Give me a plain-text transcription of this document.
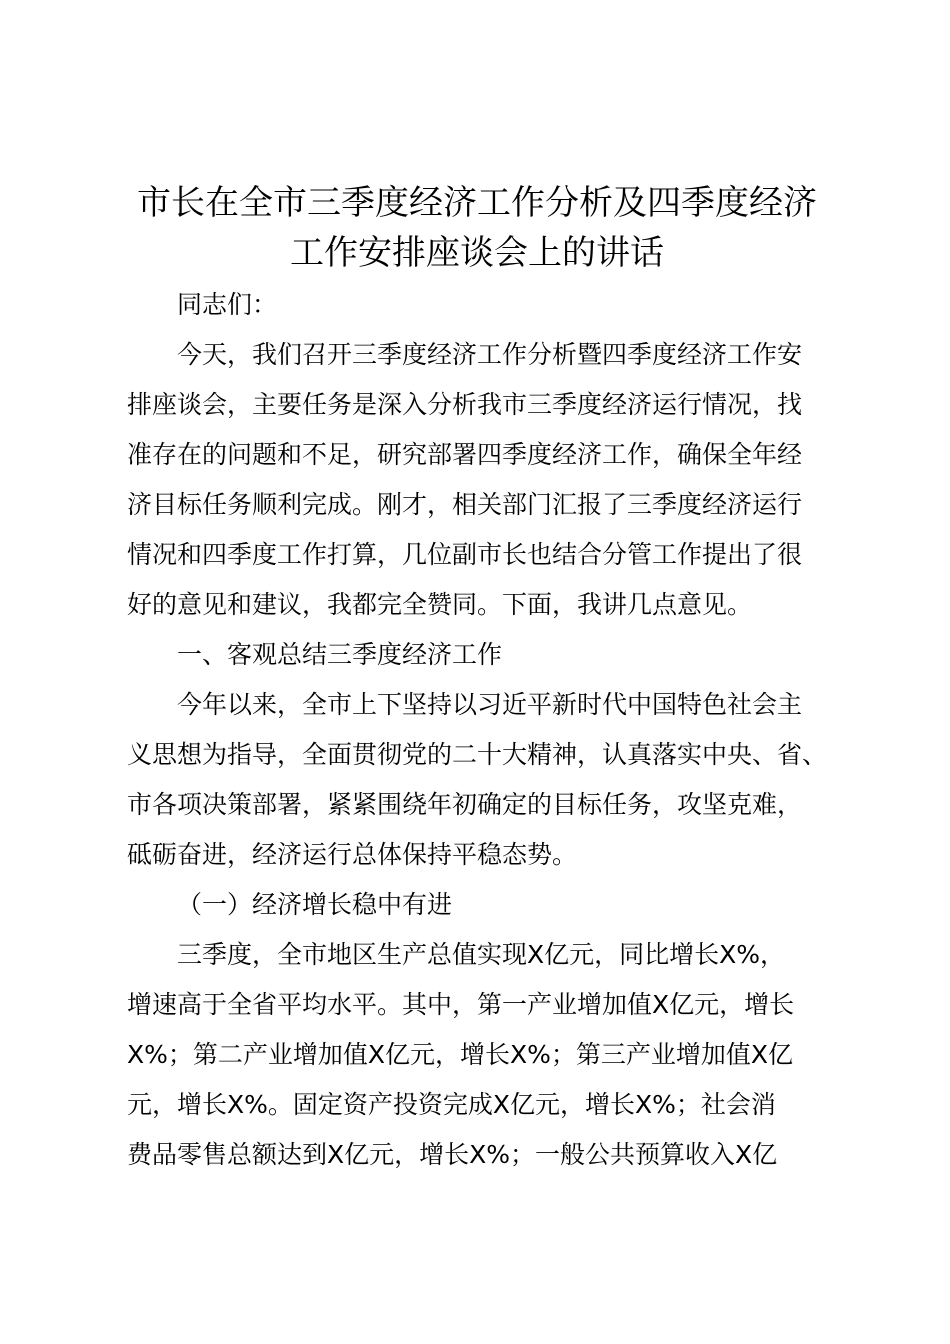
市长在全市三季度经济工作分析及四季度经济
工作安排座谈会上的讲话

同志们：

今天，我们召开三季度经济工作分析暨四季度经济工作安

排座谈会，主要任务是深入分析我市三季度经济运行情况，找

准存在的问题和不足，研究部署四季度经济工作，确保全年经

济目标任务顺利完成。刚才，相关部门汇报了三季度经济运行

情况和四季度工作打算，几位副市长也结合分管工作提出了很

好的意见和建议，我都完全赞同。下面，我讲几点意见。

一、客观总结三季度经济工作

今年以来，全市上下坚持以习近平新时代中国特色社会主

义思想为指导，全面贯彻党的二十大精神，认真落实中央、省、

市各项决策部署，紧紧围绕年初确定的目标任务，攻坚克难，

砥砺奋进，经济运行总体保持平稳态势。

（一）经济增长稳中有进

三季度，全市地区生产总值实现X亿元，同比增长X%，

增速高于全省平均水平。其中，第一产业增加值X亿元，增长

X%；第二产业增加值X亿元，增长X%；第三产业增加值X亿

元，增长X%。固定资产投资完成X亿元，增长X%；社会消

费品零售总额达到X亿元，增长X%；一般公共预算收入X亿
